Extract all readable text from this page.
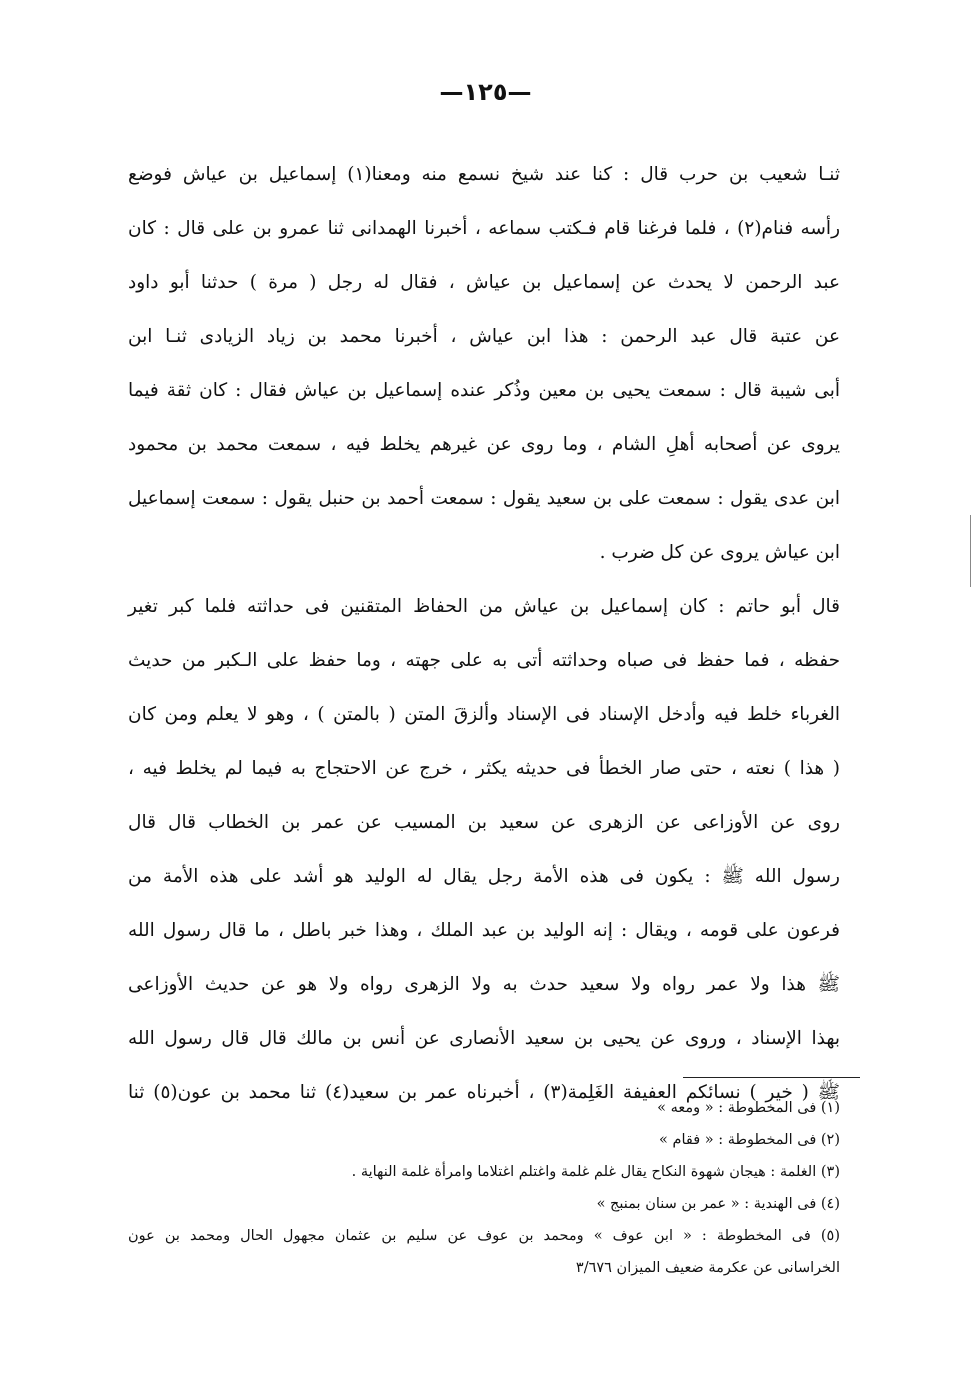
—١٢٥—
ثنـا شعيب بن حرب قال : كنا عند شيخ نسمع منه ومعنا(١) إسماعيل بن عياش فوضع
رأسه فنام(٢) ، فلما فرغنا قام فـكتب سماعه ، أخبرنا الهمدانى ثنا عمرو بن على قال : كان
عبد الرحمن لا يحدث عن إسماعيل بن عياش ، فقال له رجل ( مرة ) حدثنا أبو داود
عن عتبة قال عبد الرحمن : هذا ابن عياش ، أخبرنا محمد بن زياد الزيادى ثنـا ابن
أبى شيبة قال : سمعت يحيى بن معين وذُكر عنده إسماعيل بن عياش فقال : كان ثقة فيما
يروى عن أصحابه أهلِ الشام ، وما روى عن غيرهم يخلط فيه ، سمعت محمد بن محمود
ابن عدى يقول : سمعت على بن سعيد يقول : سمعت أحمد بن حنبل يقول : سمعت إسماعيل
ابن عياش يروى عن كل ضرب .
قال أبو حاتم : كان إسماعيل بن عياش من الحفاظ المتقنين فى حداثته فلما كبر تغير
حفظه ، فما حفظ فى صباه وحداثته أتى به على جهته ، وما حفظ على الـكبر من حديث
الغرباء خلط فيه وأدخل الإسناد فى الإسناد وألزقَ المتن ( بالمتن ) ، وهو لا يعلم ومن كان
( هذا ) نعته ، حتى صار الخطأ فى حديثه يكثر ، خرج عن الاحتجاج به فيما لم يخلط فيه ،
روى عن الأوزاعى عن الزهرى عن سعيد بن المسيب عن عمر بن الخطاب قال قال
رسول الله ﷺ : يكون فى هذه الأمة رجل يقال له الوليد هو أشد على هذه الأمة من
فرعون على قومه ، ويقال : إنه الوليد بن عبد الملك ، وهذا خبر باطل ، ما قال رسول الله
ﷺ هذا ولا عمر رواه ولا سعيد حدث به ولا الزهرى رواه ولا هو عن حديث الأوزاعى
بهذا الإسناد ، وروى عن يحيى بن سعيد الأنصارى عن أنس بن مالك قال قال رسول الله
ﷺ ( خير ) نسائكم العفيفة الغَلِمة(٣) ، أخبرناه عمر بن سعيد(٤) ثنا محمد بن عون(٥) ثنا
(١) فى المخطوطة : « ومعه »
(٢) فى المخطوطة : « فقام »
(٣) الغلمة : هيجان شهوة النكاح يقال غلم غلمة واغتلم اغتلاما وامرأة غلمة النهاية .
(٤) فى الهندية : « عمر بن سنان بمنبج »
(٥) فى المخطوطة : « ابن عوف » ومحمد بن عوف عن سليم بن عثمان مجهول الحال ومحمد بن عون
الخراسانى عن عكرمة ضعيف الميزان ٣/٦٧٦
